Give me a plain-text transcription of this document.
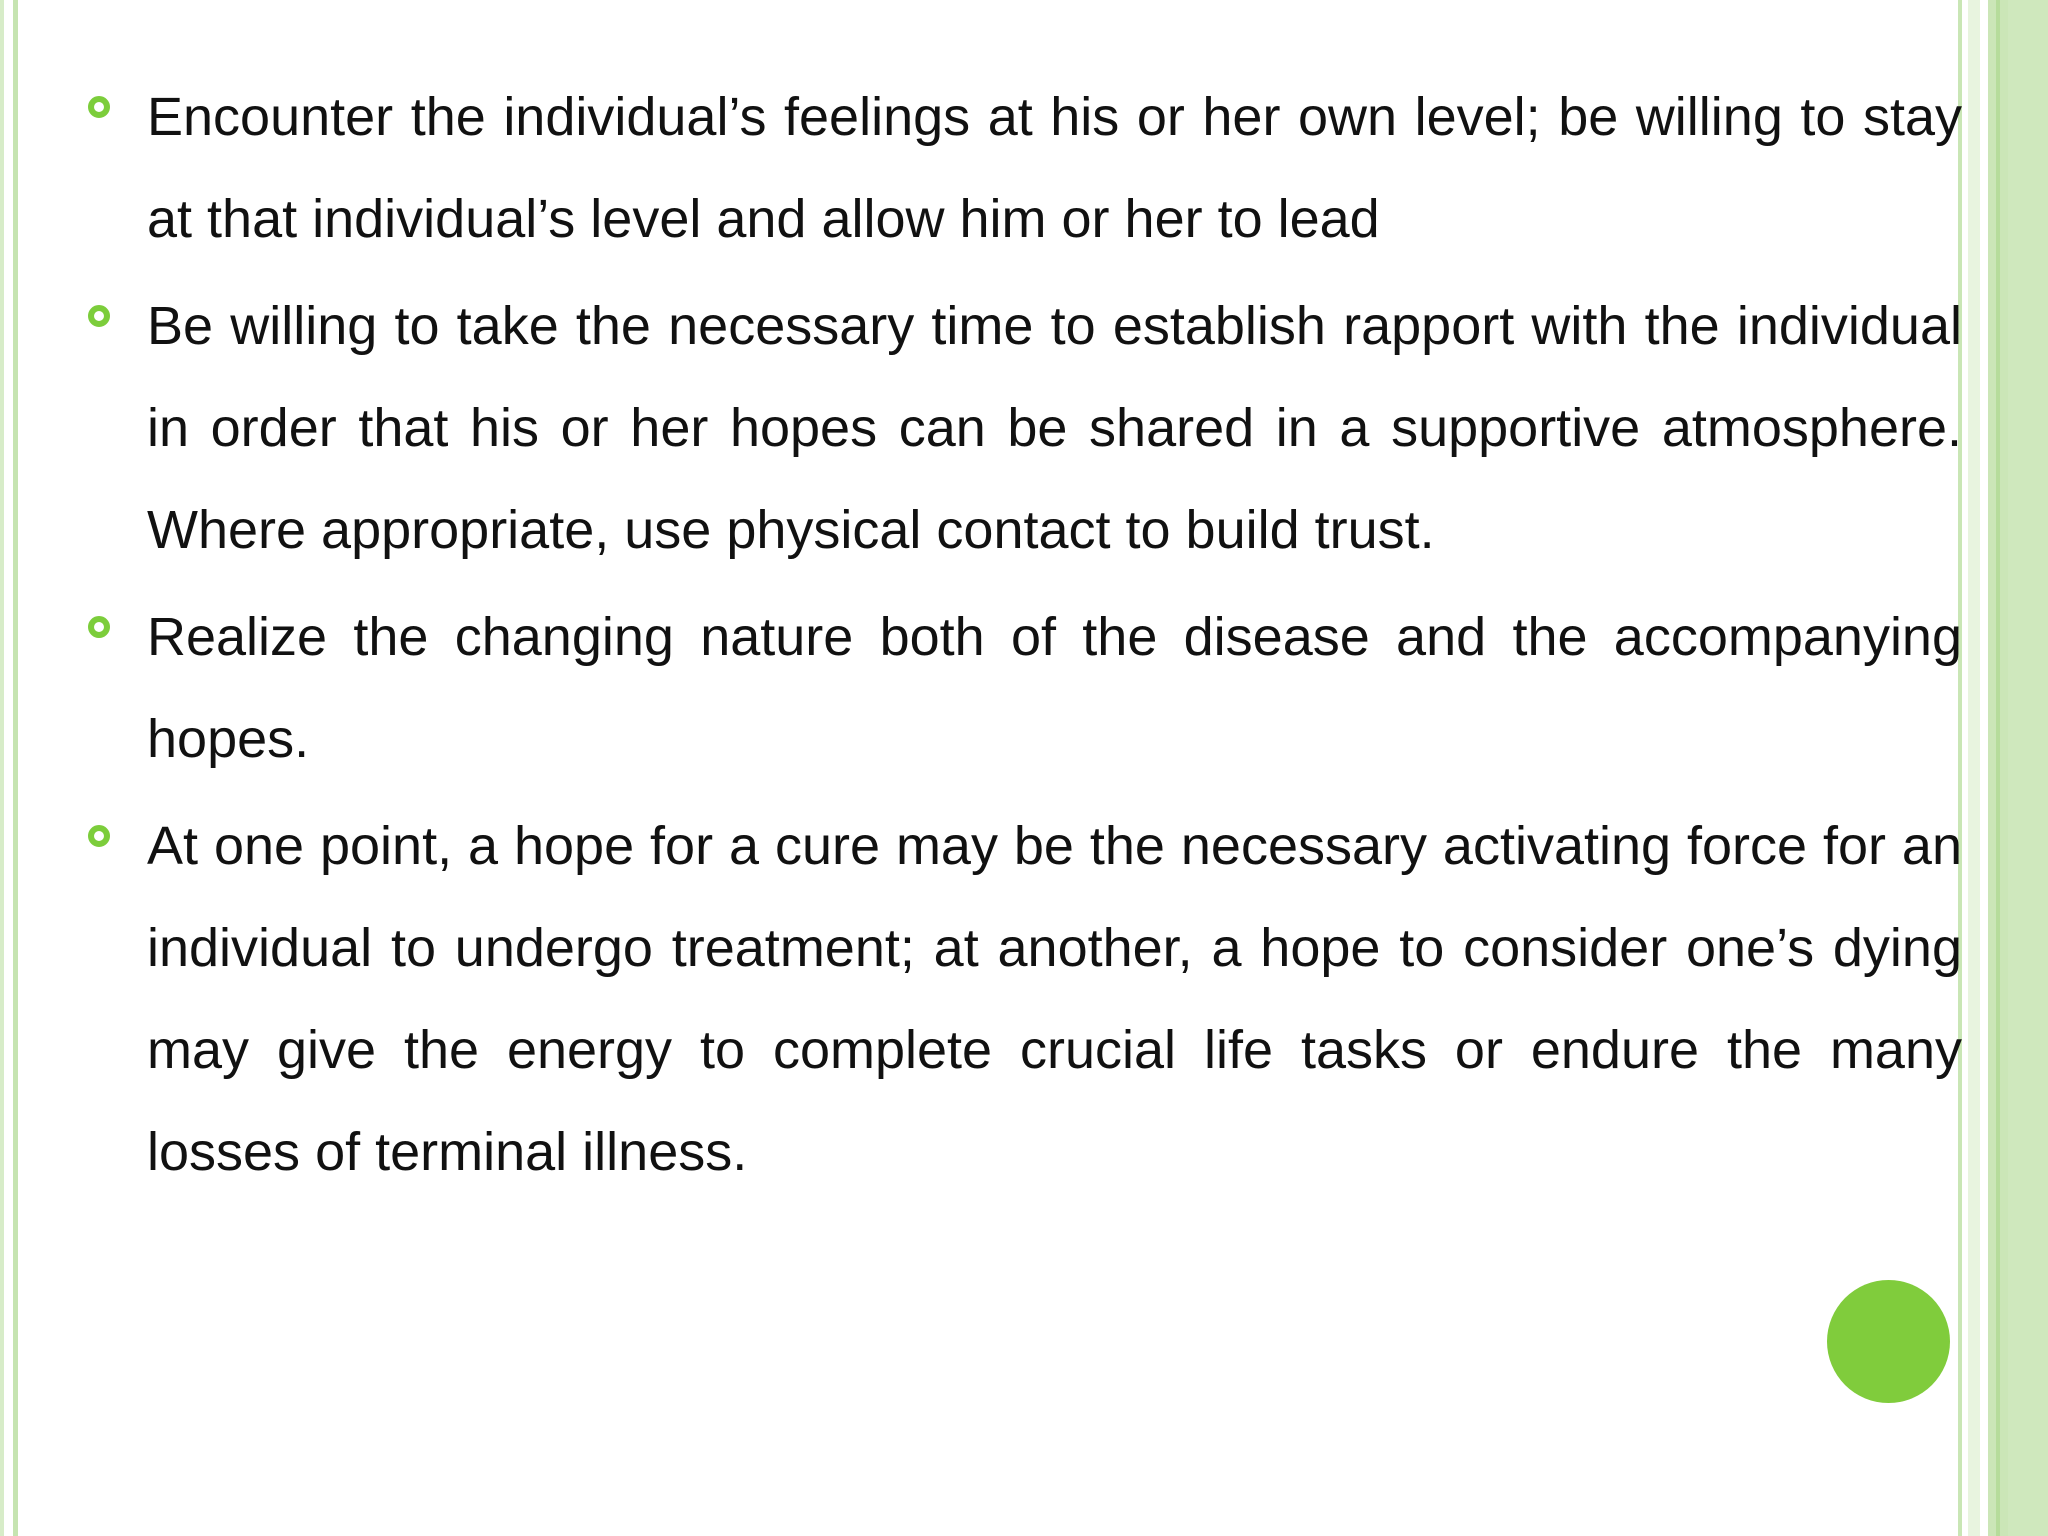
Encounter the individual’s feelings at his or her own level; be willing to stay at that individual’s level and allow him or her to lead
Be willing to take the necessary time to establish rapport with the individual in order that his or her hopes can be shared in a supportive atmosphere. Where appropriate, use physical contact to build trust.
Realize the changing nature both of the disease and the accompanying hopes.
At one point, a hope for a cure may be the necessary activating force for an individual to undergo treatment; at another, a hope to consider one’s dying may give the energy to complete crucial life tasks or endure the many losses of terminal illness.
